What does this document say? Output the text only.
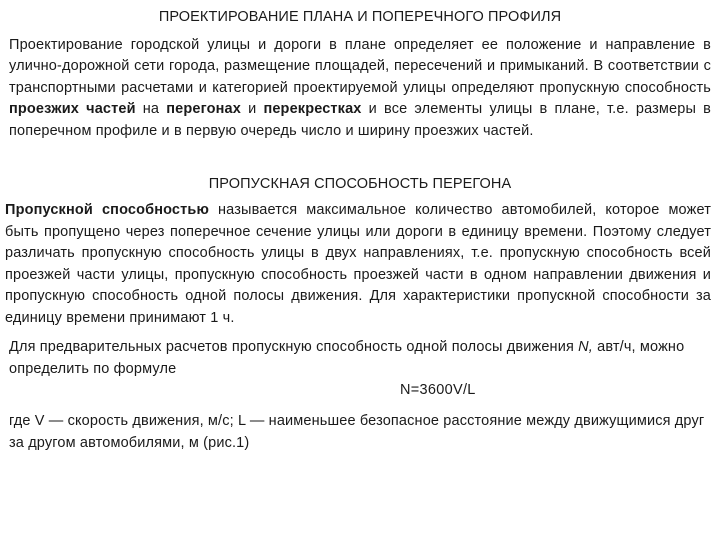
ПРОЕКТИРОВАНИЕ ПЛАНА И ПОПЕРЕЧНОГО ПРОФИЛЯ
Проектирование городской улицы и дороги в плане определяет ее положение и направление в улично-дорожной сети города, размещение площадей, пересечений и примыканий. В соответствии с транспортными расчетами и категорией проектируемой улицы определяют пропускную способность проезжих частей на перегонах и перекрестках и все элементы улицы в плане, т.е. размеры в поперечном профиле и в первую очередь число и ширину проезжих частей.
ПРОПУСКНАЯ СПОСОБНОСТЬ ПЕРЕГОНА
Пропускной способностью называется максимальное количество автомобилей, которое может быть пропущено через поперечное сечение улицы или дороги в единицу времени. Поэтому следует различать пропускную способность улицы в двух направлениях, т.е. пропускную способность всей проезжей части улицы, пропускную способность проезжей части в одном направлении движения и пропускную способность одной полосы движения. Для характеристики пропускной способности за единицу времени принимают 1 ч.
Для предварительных расчетов пропускную способность одной полосы движения N, авт/ч, можно определить по формуле
N=3600V/L
где V — скорость движения, м/с; L — наименьшее безопасное расстояние между движущимися друг за другом автомобилями, м (рис.1)
